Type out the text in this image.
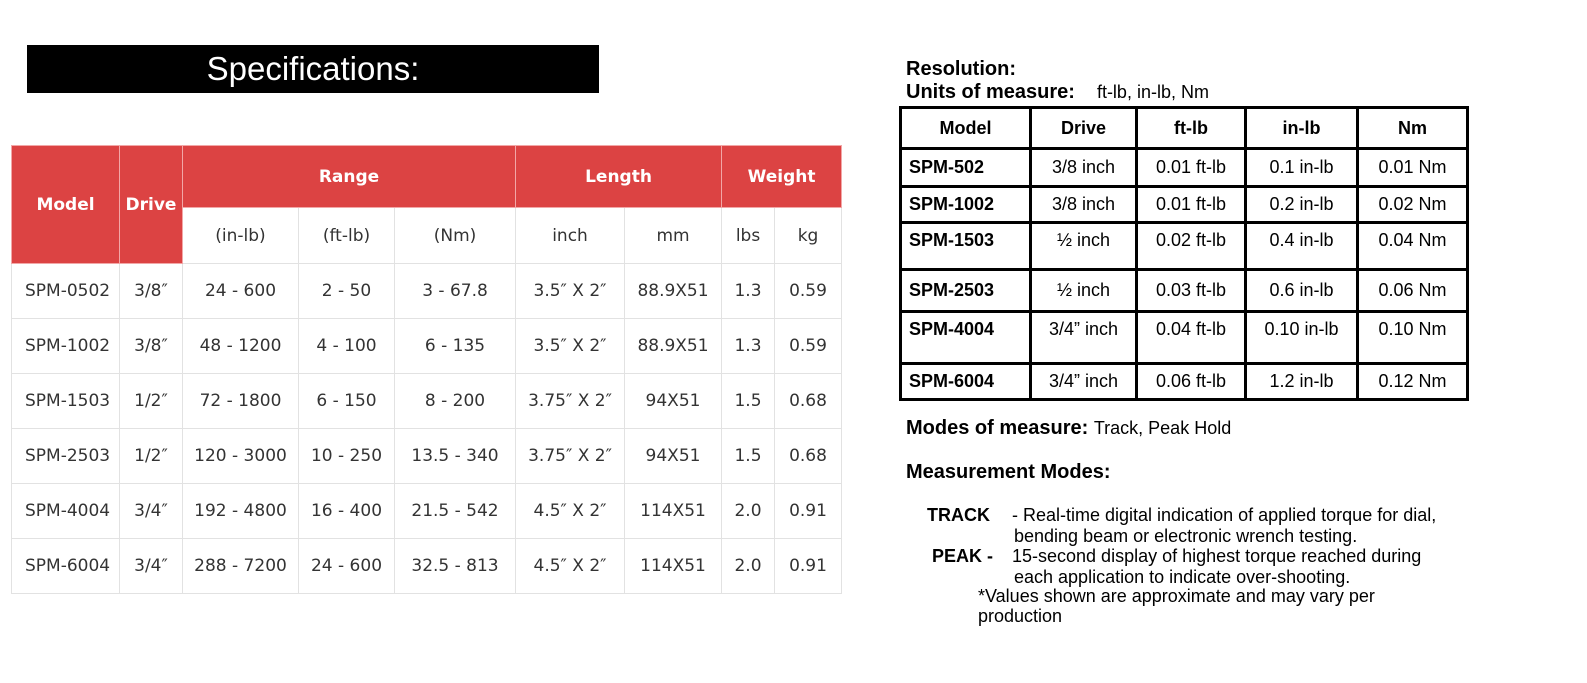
Specifications:
Model	Drive	Range			Length		Weight	
		(in-lb)	(ft-lb)	(Nm)	inch	mm	lbs	kg
SPM-0502	3/8″	24 - 600	2 - 50	3 - 67.8	3.5″ X 2″	88.9X51	1.3	0.59
SPM-1002	3/8″	48 - 1200	4 - 100	6 - 135	3.5″ X 2″	88.9X51	1.3	0.59
SPM-1503	1/2″	72 - 1800	6 - 150	8 - 200	3.75″ X 2″	94X51	1.5	0.68
SPM-2503	1/2″	120 - 3000	10 - 250	13.5 - 340	3.75″ X 2″	94X51	1.5	0.68
SPM-4004	3/4″	192 - 4800	16 - 400	21.5 - 542	4.5″ X 2″	114X51	2.0	0.91
SPM-6004	3/4″	288 - 7200	24 - 600	32.5 - 813	4.5″ X 2″	114X51	2.0	0.91
Resolution:
Units of measure: ft-lb, in-lb, Nm
Model	Drive	ft-lb	in-lb	Nm
SPM-502	3/8 inch	0.01 ft-lb	0.1 in-lb	0.01 Nm
SPM-1002	3/8 inch	0.01 ft-lb	0.2 in-lb	0.02 Nm
SPM-1503	½ inch	0.02 ft-lb	0.4 in-lb	0.04 Nm
SPM-2503	½ inch	0.03 ft-lb	0.6 in-lb	0.06 Nm
SPM-4004	3/4” inch	0.04 ft-lb	0.10 in-lb	0.10 Nm
SPM-6004	3/4” inch	0.06 ft-lb	1.2 in-lb	0.12 Nm
Modes of measure: Track, Peak Hold
Measurement Modes:
TRACK - Real-time digital indication of applied torque for dial,
bending beam or electronic wrench testing.
PEAK - 15-second display of highest torque reached during
each application to indicate over-shooting.
*Values shown are approximate and may vary per production
